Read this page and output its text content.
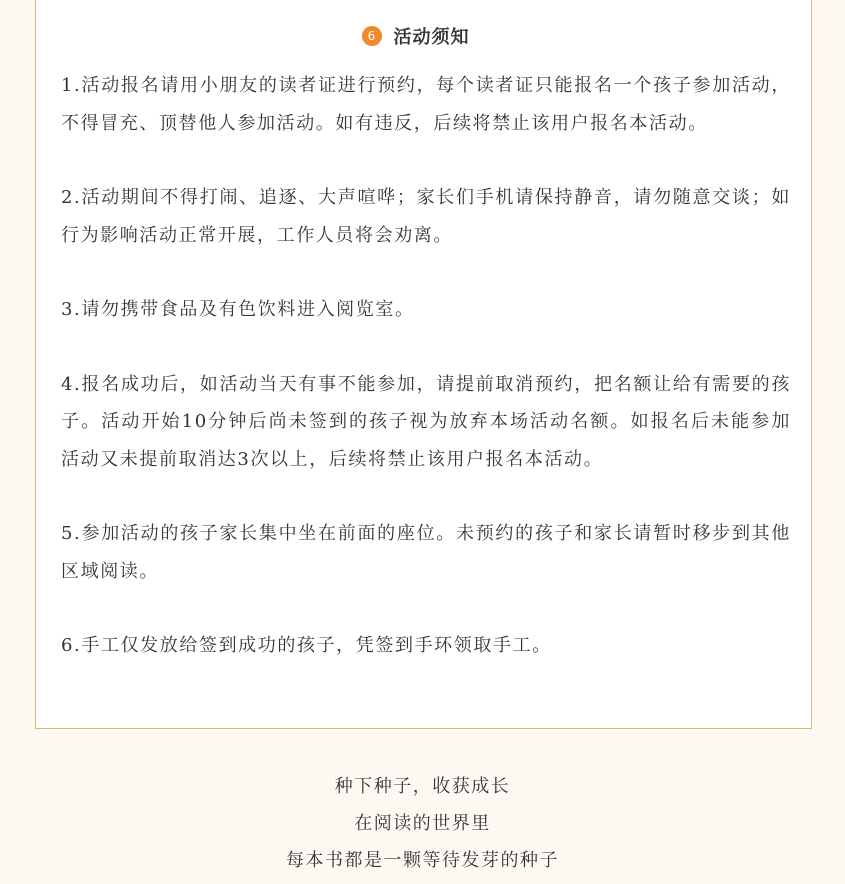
6	活动须知

1.活动报名请用小朋友的读者证进行预约，每个读者证只能报名一个孩子参加活动，不得冒充、顶替他人参加活动。如有违反，后续将禁止该用户报名本活动。

2.活动期间不得打闹、追逐、大声喧哗；家长们手机请保持静音，请勿随意交谈；如行为影响活动正常开展，工作人员将会劝离。

3.请勿携带食品及有色饮料进入阅览室。

4.报名成功后，如活动当天有事不能参加，请提前取消预约，把名额让给有需要的孩子。活动开始10分钟后尚未签到的孩子视为放弃本场活动名额。如报名后未能参加活动又未提前取消达3次以上，后续将禁止该用户报名本活动。

5.参加活动的孩子家长集中坐在前面的座位。未预约的孩子和家长请暂时移步到其他区域阅读。

6.手工仅发放给签到成功的孩子，凭签到手环领取手工。

种下种子，收获成长
在阅读的世界里
每本书都是一颗等待发芽的种子
